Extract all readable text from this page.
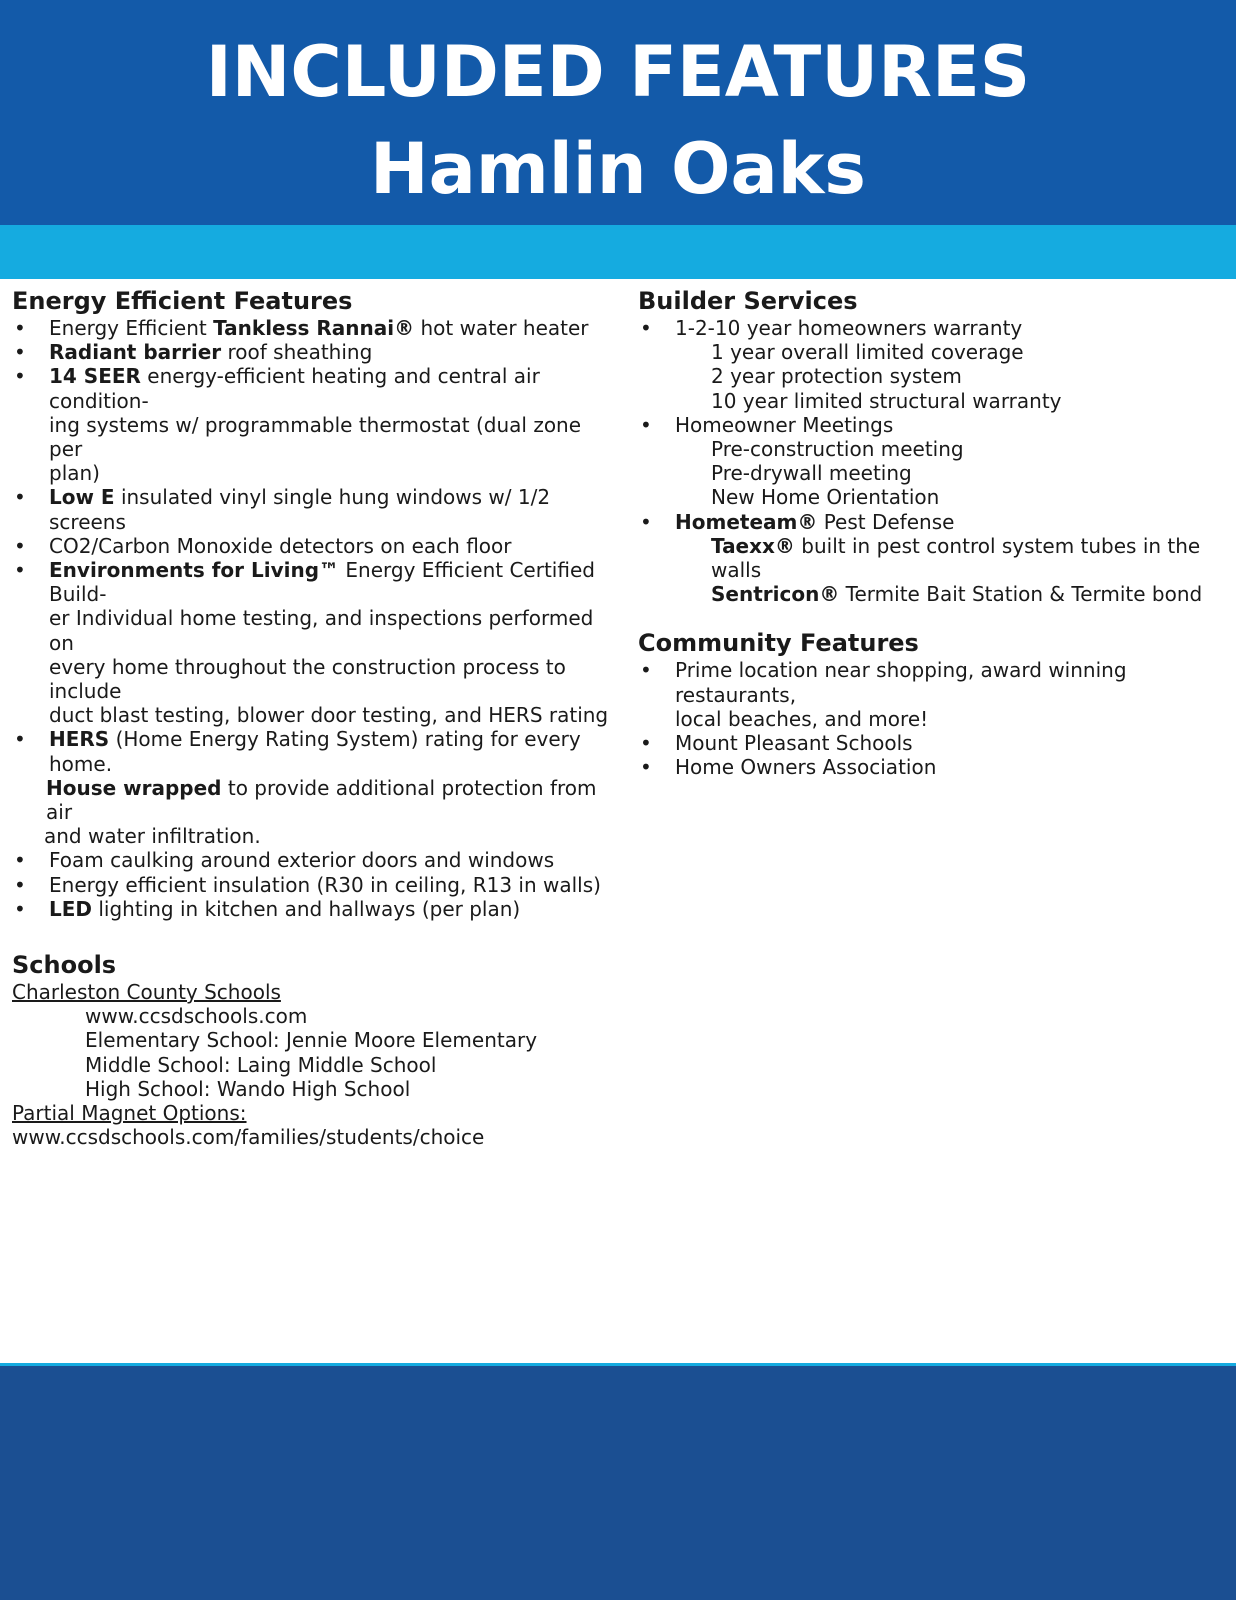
INCLUDED FEATURES
Hamlin Oaks
Energy Efficient Features
• Energy Efficient Tankless Rannai® hot water heater
• Radiant barrier roof sheathing
• 14 SEER energy-efficient heating and central air condition-
ing systems w/ programmable thermostat (dual zone per
plan)
• Low E insulated vinyl single hung windows w/ 1/2 screens
• CO2/Carbon Monoxide detectors on each floor
• Environments for Living™ Energy Efficient Certified Build-
er Individual home testing, and inspections performed on
every home throughout the construction process to include
duct blast testing, blower door testing, and HERS rating
• HERS (Home Energy Rating System) rating for every home.
House wrapped to provide additional protection from air
and water infiltration.
• Foam caulking around exterior doors and windows
• Energy efficient insulation (R30 in ceiling, R13 in walls)
• LED lighting in kitchen and hallways (per plan)
Schools
Charleston County Schools
www.ccsdschools.com
Elementary School: Jennie Moore Elementary
Middle School: Laing Middle School
High School: Wando High School
Partial Magnet Options:
www.ccsdschools.com/families/students/choice
Builder Services
• 1-2-10 year homeowners warranty
1 year overall limited coverage
2 year protection system
10 year limited structural warranty
• Homeowner Meetings
Pre-construction meeting
Pre-drywall meeting
New Home Orientation
• Hometeam® Pest Defense
Taexx® built in pest control system tubes in the walls
Sentricon® Termite Bait Station & Termite bond
Community Features
• Prime location near shopping, award winning restaurants,
local beaches, and more!
• Mount Pleasant Schools
• Home Owners Association
